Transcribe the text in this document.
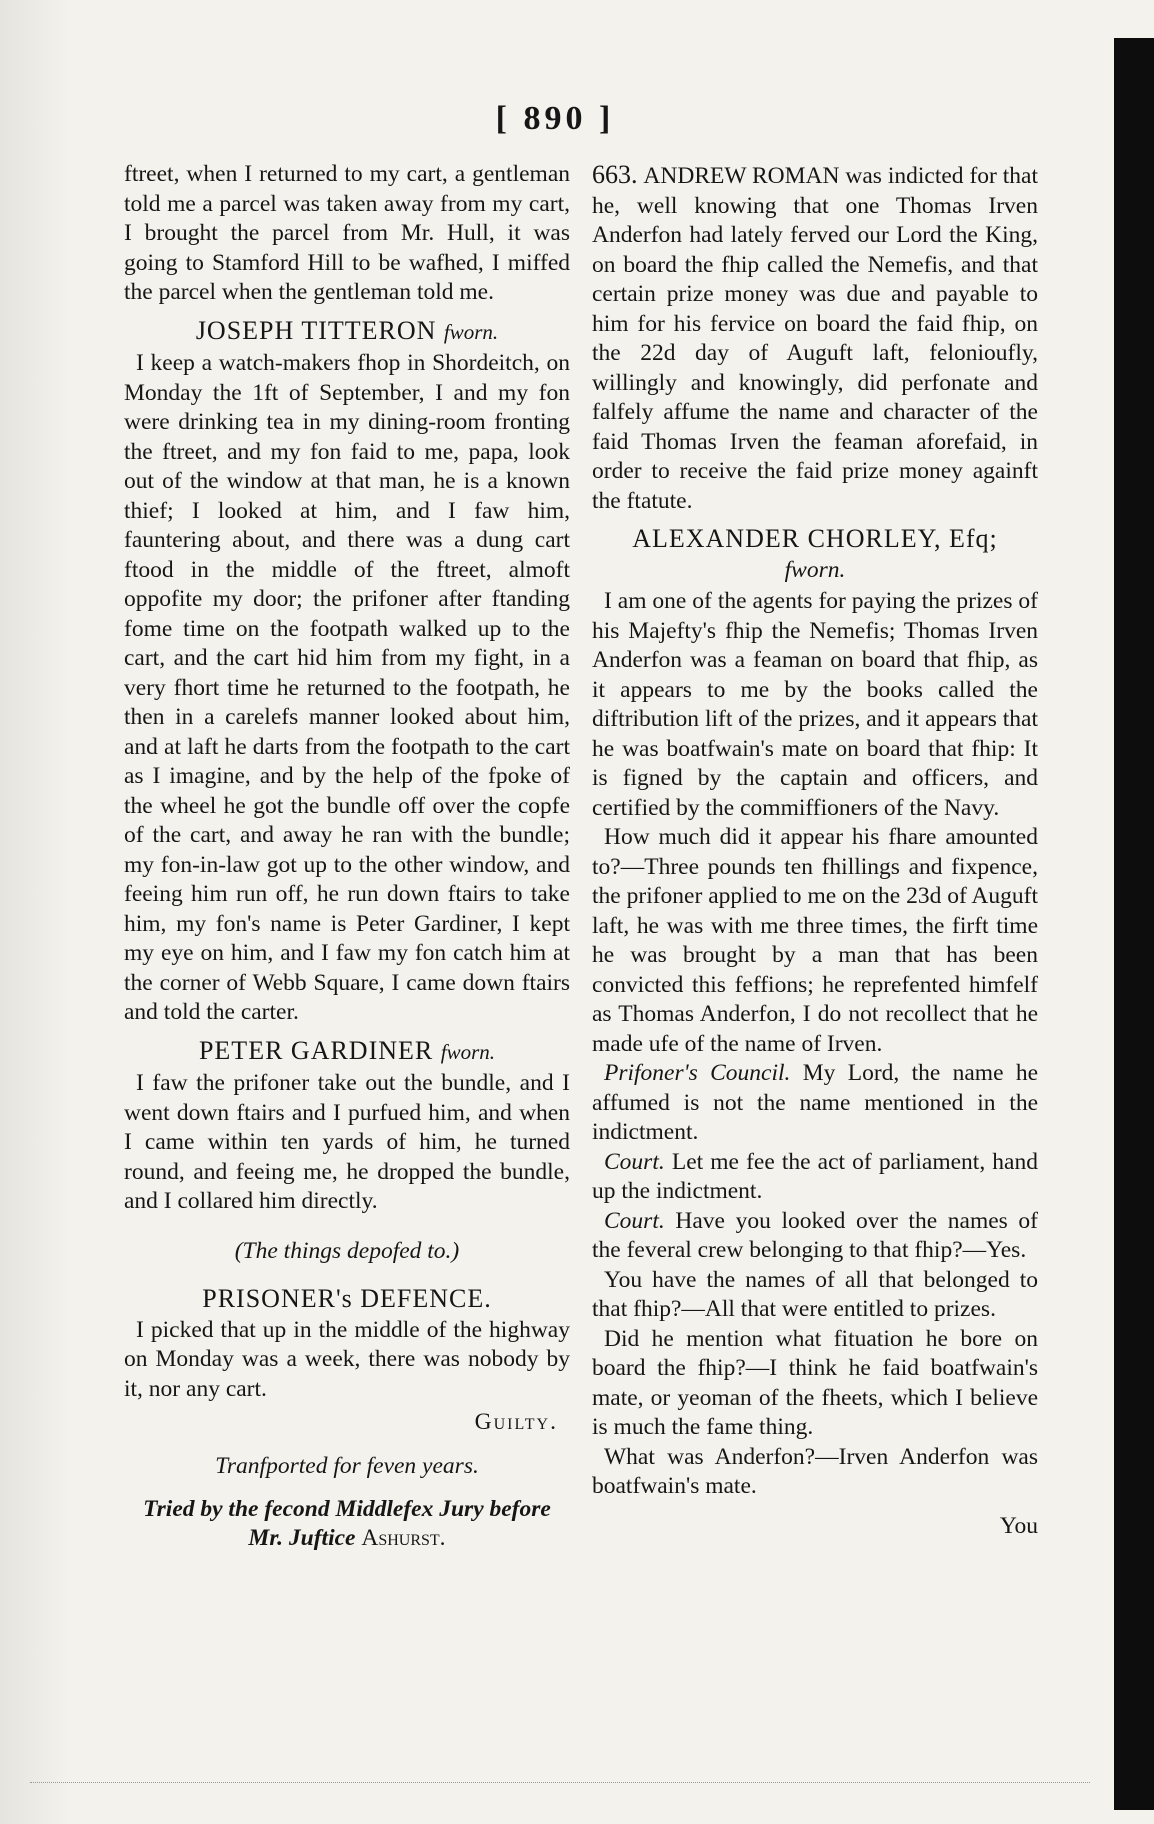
[ 890 ]

ftreet, when I returned to my cart, a gentleman told me a parcel was taken away from my cart, I brought the parcel from Mr. Hull, it was going to Stamford Hill to be wafhed, I miffed the parcel when the gentleman told me.

JOSEPH TITTERON fworn.

I keep a watch-makers fhop in Shordeitch, on Monday the 1ft of September, I and my fon were drinking tea in my dining-room fronting the ftreet, and my fon faid to me, papa, look out of the window at that man, he is a known thief; I looked at him, and I faw him, fauntering about, and there was a dung cart ftood in the middle of the ftreet, almoft oppofite my door; the prifoner after ftanding fome time on the footpath walked up to the cart, and the cart hid him from my fight, in a very fhort time he returned to the footpath, he then in a carelefs manner looked about him, and at laft he darts from the footpath to the cart as I imagine, and by the help of the fpoke of the wheel he got the bundle off over the copfe of the cart, and away he ran with the bundle; my fon-in-law got up to the other window, and feeing him run off, he run down ftairs to take him, my fon's name is Peter Gardiner, I kept my eye on him, and I faw my fon catch him at the corner of Webb Square, I came down ftairs and told the carter.

PETER GARDINER fworn.

I faw the prifoner take out the bundle, and I went down ftairs and I purfued him, and when I came within ten yards of him, he turned round, and feeing me, he dropped the bundle, and I collared him directly.

(The things depofed to.)
PRISONER's DEFENCE.

I picked that up in the middle of the highway on Monday was a week, there was nobody by it, nor any cart.

Guilty.
Tranfported for feven years.
Tried by the fecond Middlefex Jury before Mr. Juftice Ashurst.

663. ANDREW ROMAN was indicted for that he, well knowing that one Thomas Irven Anderfon had lately ferved our Lord the King, on board the fhip called the Nemefis, and that certain prize money was due and payable to him for his fervice on board the faid fhip, on the 22d day of Auguft laft, felonioufly, willingly and knowingly, did perfonate and falfely affume the name and character of the faid Thomas Irven the feaman aforefaid, in order to receive the faid prize money againft the ftatute.

ALEXANDER CHORLEY, Efq;
fworn.

I am one of the agents for paying the prizes of his Majefty's fhip the Nemefis; Thomas Irven Anderfon was a feaman on board that fhip, as it appears to me by the books called the diftribution lift of the prizes, and it appears that he was boatfwain's mate on board that fhip: It is figned by the captain and officers, and certified by the commiffioners of the Navy.

How much did it appear his fhare amounted to?—Three pounds ten fhillings and fixpence, the prifoner applied to me on the 23d of Auguft laft, he was with me three times, the firft time he was brought by a man that has been convicted this feffions; he reprefented himfelf as Thomas Anderfon, I do not recollect that he made ufe of the name of Irven.

Prifoner's Council. My Lord, the name he affumed is not the name mentioned in the indictment.

Court. Let me fee the act of parliament, hand up the indictment.

Court. Have you looked over the names of the feveral crew belonging to that fhip?—Yes.

You have the names of all that belonged to that fhip?—All that were entitled to prizes.

Did he mention what fituation he bore on board the fhip?—I think he faid boatfwain's mate, or yeoman of the fheets, which I believe is much the fame thing.

What was Anderfon?—Irven Anderfon was boatfwain's mate.

You
